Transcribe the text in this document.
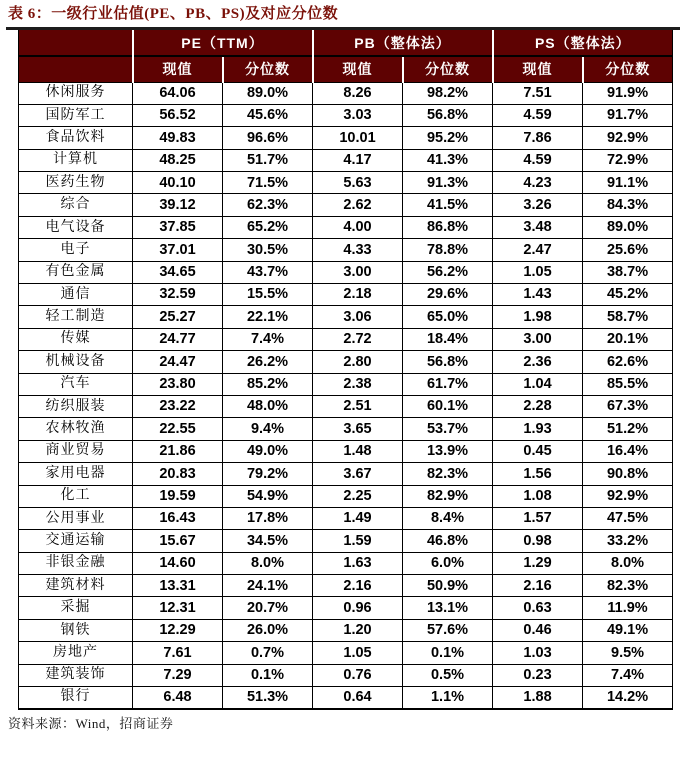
表 6：一级行业估值(PE、PB、PS)及对应分位数
	PE（TTM）		PB（整体法）		PS（整体法）	
	现值	分位数	现值	分位数	现值	分位数
休闲服务	64.06	89.0%	8.26	98.2%	7.51	91.9%
国防军工	56.52	45.6%	3.03	56.8%	4.59	91.7%
食品饮料	49.83	96.6%	10.01	95.2%	7.86	92.9%
计算机	48.25	51.7%	4.17	41.3%	4.59	72.9%
医药生物	40.10	71.5%	5.63	91.3%	4.23	91.1%
综合	39.12	62.3%	2.62	41.5%	3.26	84.3%
电气设备	37.85	65.2%	4.00	86.8%	3.48	89.0%
电子	37.01	30.5%	4.33	78.8%	2.47	25.6%
有色金属	34.65	43.7%	3.00	56.2%	1.05	38.7%
通信	32.59	15.5%	2.18	29.6%	1.43	45.2%
轻工制造	25.27	22.1%	3.06	65.0%	1.98	58.7%
传媒	24.77	7.4%	2.72	18.4%	3.00	20.1%
机械设备	24.47	26.2%	2.80	56.8%	2.36	62.6%
汽车	23.80	85.2%	2.38	61.7%	1.04	85.5%
纺织服装	23.22	48.0%	2.51	60.1%	2.28	67.3%
农林牧渔	22.55	9.4%	3.65	53.7%	1.93	51.2%
商业贸易	21.86	49.0%	1.48	13.9%	0.45	16.4%
家用电器	20.83	79.2%	3.67	82.3%	1.56	90.8%
化工	19.59	54.9%	2.25	82.9%	1.08	92.9%
公用事业	16.43	17.8%	1.49	8.4%	1.57	47.5%
交通运输	15.67	34.5%	1.59	46.8%	0.98	33.2%
非银金融	14.60	8.0%	1.63	6.0%	1.29	8.0%
建筑材料	13.31	24.1%	2.16	50.9%	2.16	82.3%
采掘	12.31	20.7%	0.96	13.1%	0.63	11.9%
钢铁	12.29	26.0%	1.20	57.6%	0.46	49.1%
房地产	7.61	0.7%	1.05	0.1%	1.03	9.5%
建筑装饰	7.29	0.1%	0.76	0.5%	0.23	7.4%
银行	6.48	51.3%	0.64	1.1%	1.88	14.2%
资料来源：Wind，招商证券
